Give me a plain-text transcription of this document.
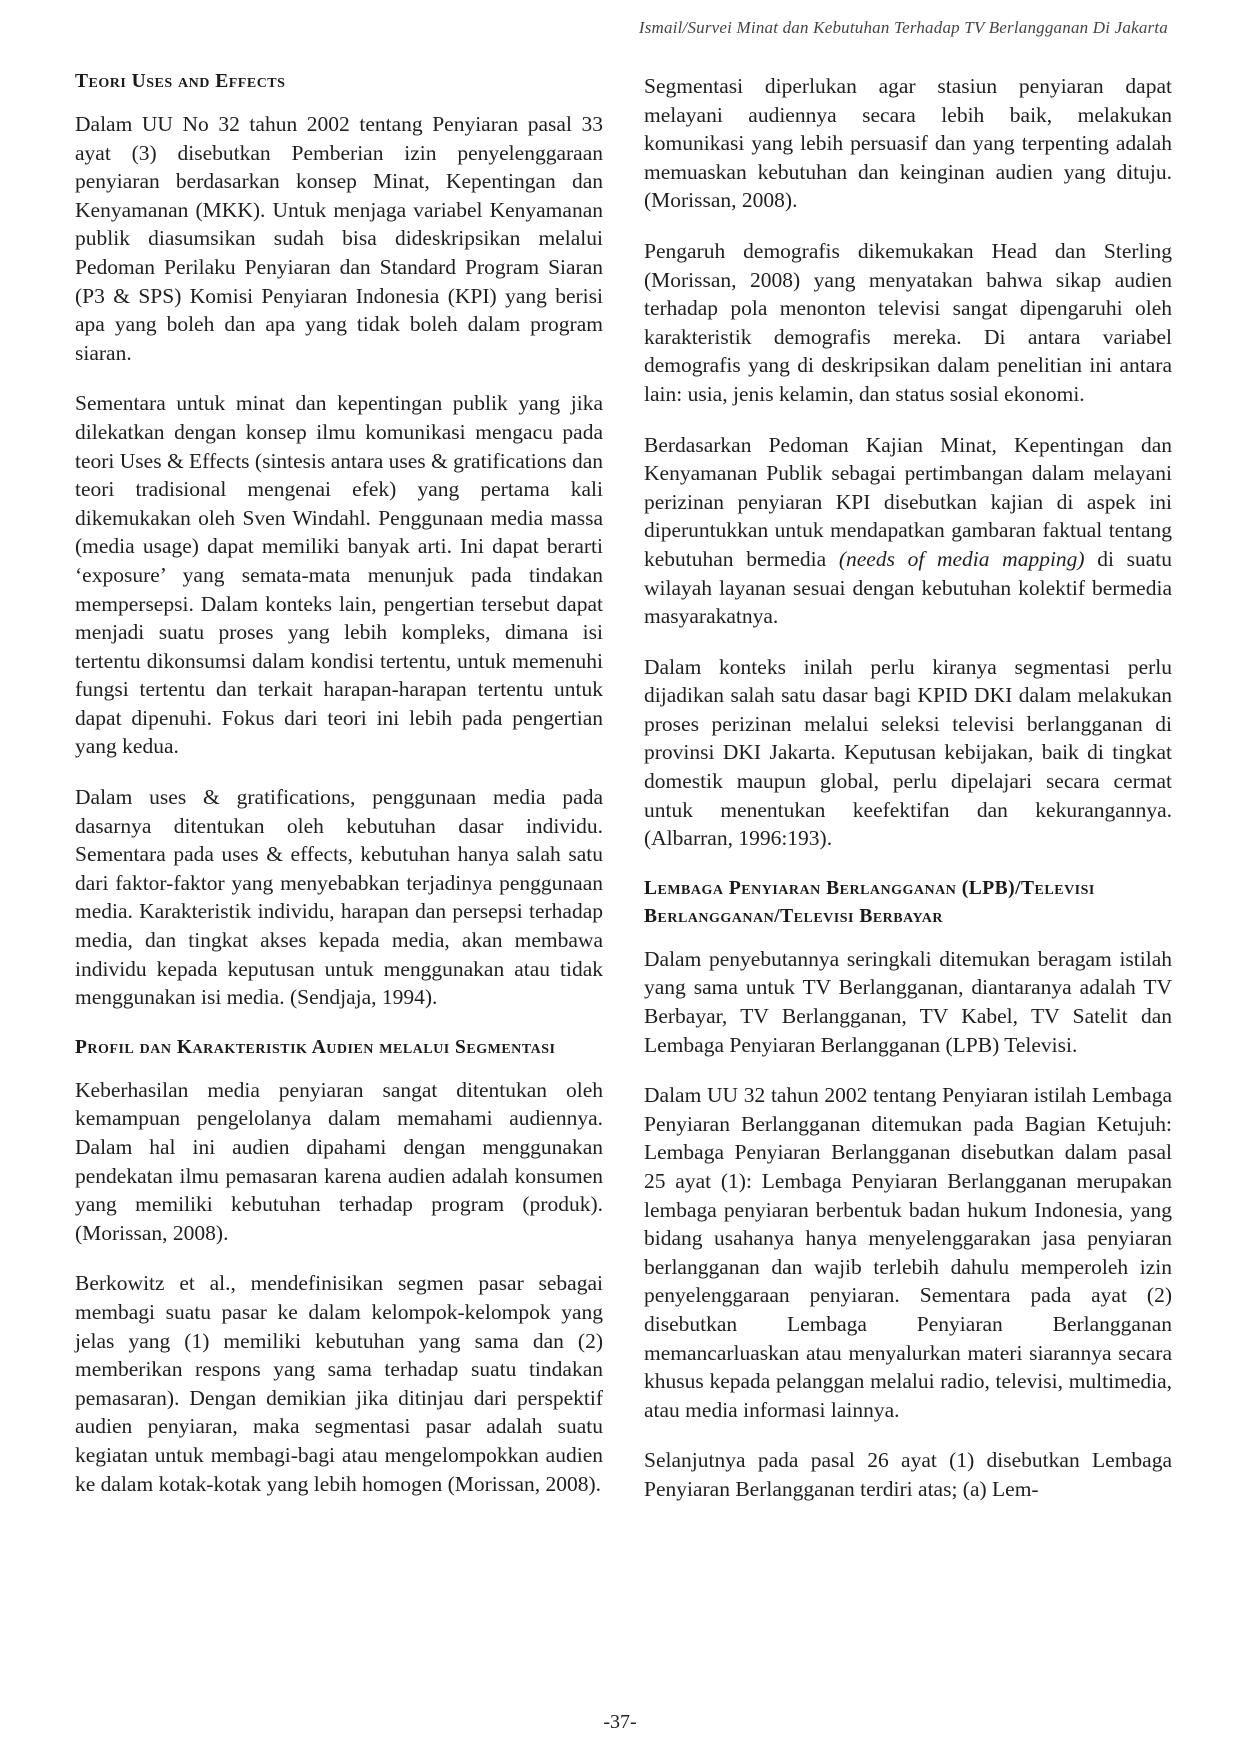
Ismail/Survei Minat dan Kebutuhan Terhadap TV Berlangganan Di Jakarta
Teori Uses and Effects

Dalam UU No 32 tahun 2002 tentang Penyiaran pasal 33 ayat (3) disebutkan Pemberian izin penyelenggaraan penyiaran berdasarkan konsep Minat, Kepentingan dan Kenyamanan (MKK). Untuk menjaga variabel Kenyamanan publik diasumsikan sudah bisa dideskripsikan melalui Pedoman Perilaku Penyiaran dan Standard Program Siaran (P3 & SPS) Komisi Penyiaran Indonesia (KPI) yang berisi apa yang boleh dan apa yang tidak boleh dalam program siaran.

Sementara untuk minat dan kepentingan publik yang jika dilekatkan dengan konsep ilmu komunikasi mengacu pada teori Uses & Effects (sintesis antara uses & gratifications dan teori tradisional mengenai efek) yang pertama kali dikemukakan oleh Sven Windahl. Penggunaan media massa (media usage) dapat memiliki banyak arti. Ini dapat berarti ‘exposure’ yang semata-mata menunjuk pada tindakan mempersepsi. Dalam konteks lain, pengertian tersebut dapat menjadi suatu proses yang lebih kompleks, dimana isi tertentu dikonsumsi dalam kondisi tertentu, untuk memenuhi fungsi tertentu dan terkait harapan-harapan tertentu untuk dapat dipenuhi. Fokus dari teori ini lebih pada pengertian yang kedua.

Dalam uses & gratifications, penggunaan media pada dasarnya ditentukan oleh kebutuhan dasar individu. Sementara pada uses & effects, kebutuhan hanya salah satu dari faktor-faktor yang menyebabkan terjadinya penggunaan media. Karakteristik individu, harapan dan persepsi terhadap media, dan tingkat akses kepada media, akan membawa individu kepada keputusan untuk menggunakan atau tidak menggunakan isi media. (Sendjaja, 1994).

Profil dan Karakteristik Audien melalui Segmentasi

Keberhasilan media penyiaran sangat ditentukan oleh kemampuan pengelolanya dalam memahami audiennya. Dalam hal ini audien dipahami dengan menggunakan pendekatan ilmu pemasaran karena audien adalah konsumen yang memiliki kebutuhan terhadap program (produk). (Morissan, 2008).

Berkowitz et al., mendefinisikan segmen pasar sebagai membagi suatu pasar ke dalam kelompok-kelompok yang jelas yang (1) memiliki kebutuhan yang sama dan (2) memberikan respons yang sama terhadap suatu tindakan pemasaran). Dengan demikian jika ditinjau dari perspektif audien penyiaran, maka segmentasi pasar adalah suatu kegiatan untuk membagi-bagi atau mengelompokkan audien ke dalam kotak-kotak yang lebih homogen (Morissan, 2008).

Segmentasi diperlukan agar stasiun penyiaran dapat melayani audiennya secara lebih baik, melakukan komunikasi yang lebih persuasif dan yang terpenting adalah memuaskan kebutuhan dan keinginan audien yang dituju. (Morissan, 2008).

Pengaruh demografis dikemukakan Head dan Sterling (Morissan, 2008) yang menyatakan bahwa sikap audien terhadap pola menonton televisi sangat dipengaruhi oleh karakteristik demografis mereka. Di antara variabel demografis yang di deskripsikan dalam penelitian ini antara lain: usia, jenis kelamin, dan status sosial ekonomi.

Berdasarkan Pedoman Kajian Minat, Kepentingan dan Kenyamanan Publik sebagai pertimbangan dalam melayani perizinan penyiaran KPI disebutkan kajian di aspek ini diperuntukkan untuk mendapatkan gambaran faktual tentang kebutuhan bermedia (needs of media mapping) di suatu wilayah layanan sesuai dengan kebutuhan kolektif bermedia masyarakatnya.

Dalam konteks inilah perlu kiranya segmentasi perlu dijadikan salah satu dasar bagi KPID DKI dalam melakukan proses perizinan melalui seleksi televisi berlangganan di provinsi DKI Jakarta. Keputusan kebijakan, baik di tingkat domestik maupun global, perlu dipelajari secara cermat untuk menentukan keefektifan dan kekurangannya. (Albarran, 1996:193).

Lembaga Penyiaran Berlangganan (LPB)/Televisi Berlangganan/Televisi Berbayar

Dalam penyebutannya seringkali ditemukan beragam istilah yang sama untuk TV Berlangganan, diantaranya adalah TV Berbayar, TV Berlangganan, TV Kabel, TV Satelit dan Lembaga Penyiaran Berlangganan (LPB) Televisi.

Dalam UU 32 tahun 2002 tentang Penyiaran istilah Lembaga Penyiaran Berlangganan ditemukan pada Bagian Ketujuh: Lembaga Penyiaran Berlangganan disebutkan dalam pasal 25 ayat (1): Lembaga Penyiaran Berlangganan merupakan lembaga penyiaran berbentuk badan hukum Indonesia, yang bidang usahanya hanya menyelenggarakan jasa penyiaran berlangganan dan wajib terlebih dahulu memperoleh izin penyelenggaraan penyiaran. Sementara pada ayat (2) disebutkan Lembaga Penyiaran Berlangganan memancarluaskan atau menyalurkan materi siarannya secara khusus kepada pelanggan melalui radio, televisi, multimedia, atau media informasi lainnya.

Selanjutnya pada pasal 26 ayat (1) disebutkan Lembaga Penyiaran Berlangganan terdiri atas; (a) Lem-

-37-
